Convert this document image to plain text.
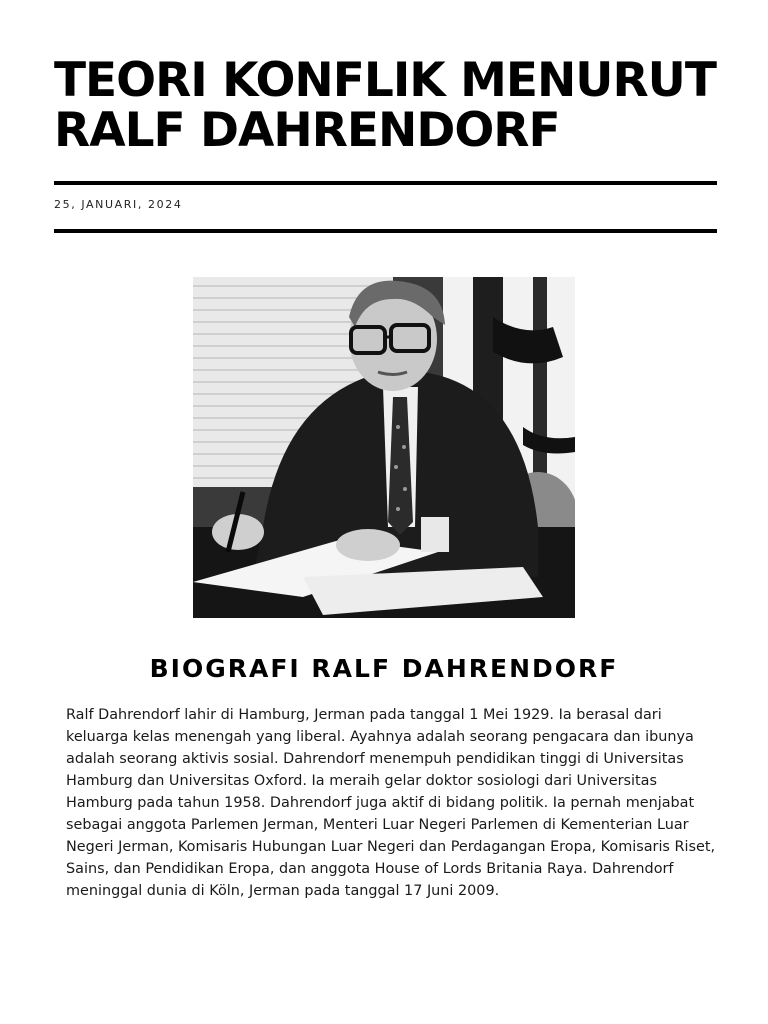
TEORI KONFLIK MENURUT RALF DAHRENDORF
25, JANUARI, 2024
BIOGRAFI RALF DAHRENDORF

Ralf Dahrendorf lahir di Hamburg, Jerman pada tanggal 1 Mei 1929. Ia berasal dari keluarga kelas menengah yang liberal. Ayahnya adalah seorang pengacara dan ibunya adalah seorang aktivis sosial. Dahrendorf menempuh pendidikan tinggi di Universitas Hamburg dan Universitas Oxford. Ia meraih gelar doktor sosiologi dari Universitas Hamburg pada tahun 1958. Dahrendorf juga aktif di bidang politik. Ia pernah menjabat sebagai anggota Parlemen Jerman, Menteri Luar Negeri Parlemen di Kementerian Luar Negeri Jerman, Komisaris Hubungan Luar Negeri dan Perdagangan Eropa, Komisaris Riset, Sains, dan Pendidikan Eropa, dan anggota House of Lords Britania Raya. Dahrendorf meninggal dunia di Köln, Jerman pada tanggal 17 Juni 2009.
